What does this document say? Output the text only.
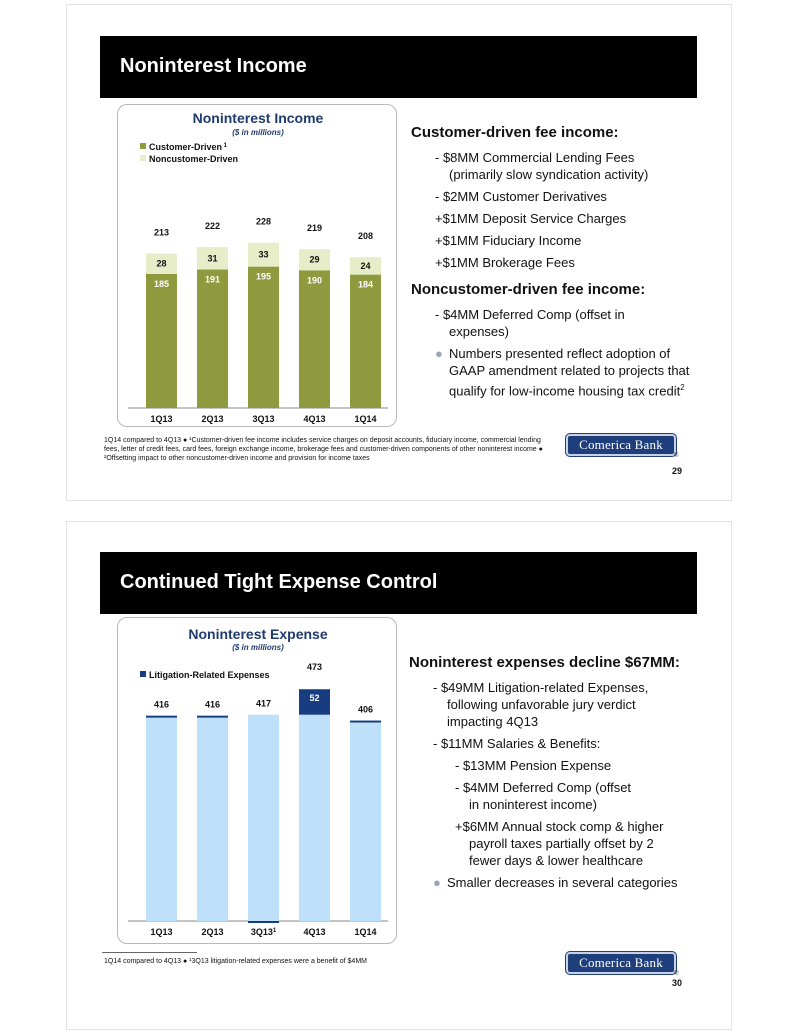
Noninterest Income
Noninterest Income
($ in millions)
Customer-Driven $^1$
Noncustomer-Driven
185
28
213
1Q13
191
31
222
2Q13
195
33
228
3Q13
190
29
219
4Q13
184
24
208
1Q14
Customer-driven fee income:
- $8MM Commercial Lending Fees
(primarily slow syndication activity)
- $2MM Customer Derivatives
+$1MM Deposit Service Charges
+$1MM Fiduciary Income
+$1MM Brokerage Fees
Noncustomer-driven fee income:
- $4MM Deferred Comp (offset in
expenses)
● Numbers presented reflect adoption of GAAP amendment related to projects that qualify for low-income housing tax credit$^2$
1Q14 compared to 4Q13 ● ¹Customer-driven fee income includes service charges on deposit accounts, fiduciary income, commercial lending fees, letter of credit fees, card fees, foreign exchange income, brokerage fees and customer-driven components of other noninterest income ● ²Offsetting impact to other noncustomer-driven income and provision for income taxes
Comerica Bank
®
29
Continued Tight Expense Control
Noninterest Expense
($ in millions)
Litigation-Related Expenses
416
1Q13
416
2Q13
417
$3Q13^1$
52
473
4Q13
406
1Q14
Noninterest expenses decline $67MM:
- $49MM Litigation-related Expenses,
following unfavorable jury verdict
impacting 4Q13
- $11MM Salaries & Benefits:
- $13MM Pension Expense
- $4MM Deferred Comp (offset
in noninterest income)
+$6MM Annual stock comp & higher
payroll taxes partially offset by 2
fewer days & lower healthcare
● Smaller decreases in several categories
1Q14 compared to 4Q13 ● ¹3Q13 litigation-related expenses were a benefit of $4MM	Comerica Bank
®
30
